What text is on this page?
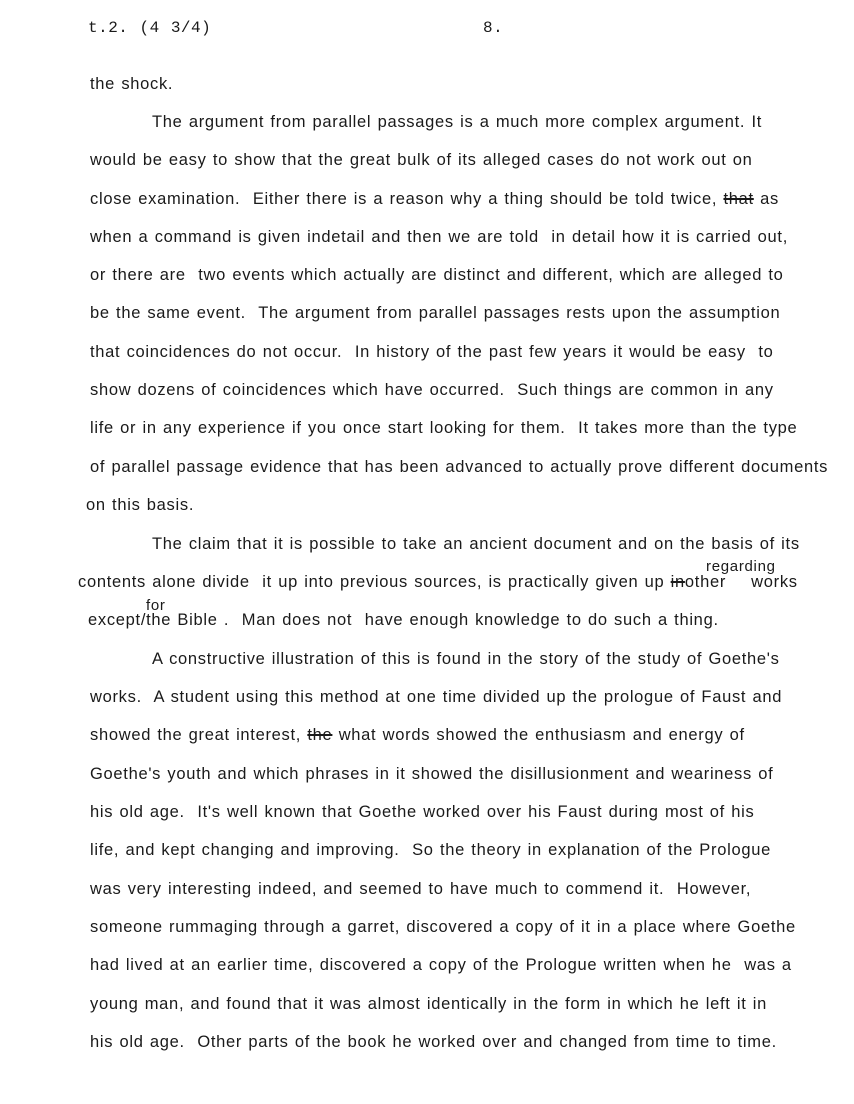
t.2. (4 3/4)	8.
the shock.
The argument from parallel passages is a much more complex argument. It
would be easy to show that the great bulk of its alleged cases do not work out on
close examination.  Either there is a reason why a thing should be told twice, that as
when a command is given indetail and then we are told  in detail how it is carried out,
or there are  two events which actually are distinct and different, which are alleged to
be the same event.  The argument from parallel passages rests upon the assumption
that coincidences do not occur.  In history of the past few years it would be easy  to
show dozens of coincidences which have occurred.  Such things are common in any
life or in any experience if you once start looking for them.  It takes more than the type
of parallel passage evidence that has been advanced to actually prove different documents
on this basis.
The claim that it is possible to take an ancient document and on the basis of its
contents alone divide  it up into previous sources, is practically given up inother    works
except/the Bible .  Man does not  have enough knowledge to do such a thing.
A constructive illustration of this is found in the story of the study of Goethe's
works.  A student using this method at one time divided up the prologue of Faust and
showed the great interest, the what words showed the enthusiasm and energy of
Goethe's youth and which phrases in it showed the disillusionment and weariness of
his old age.  It's well known that Goethe worked over his Faust during most of his
life, and kept changing and improving.  So the theory in explanation of the Prologue
was very interesting indeed, and seemed to have much to commend it.  However,
someone rummaging through a garret, discovered a copy of it in a place where Goethe
had lived at an earlier time, discovered a copy of the Prologue written when he  was a
young man, and found that it was almost identically in the form in which he left it in
his old age.  Other parts of the book he worked over and changed from time to time.
regarding
for
